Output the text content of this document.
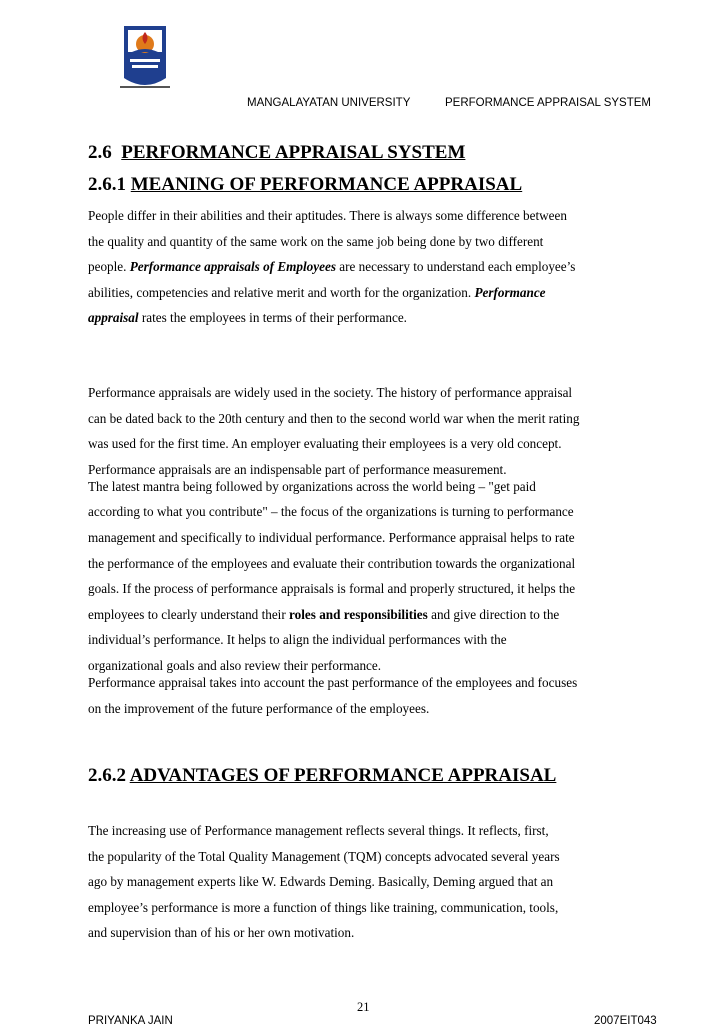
MANGALAYATAN UNIVERSITY	PERFORMANCE APPRAISAL SYSTEM
2.6 PERFORMANCE APPRAISAL SYSTEM
2.6.1 MEANING OF PERFORMANCE APPRAISAL
People differ in their abilities and their aptitudes. There is always some difference between
the quality and quantity of the same work on the same job being done by two different
people. Performance appraisals of Employees are necessary to understand each employee’s
abilities, competencies and relative merit and worth for the organization. Performance
appraisal rates the employees in terms of their performance.
Performance appraisals are widely used in the society. The history of performance appraisal
can be dated back to the 20th century and then to the second world war when the merit rating
was used for the first time. An employer evaluating their employees is a very old concept.
Performance appraisals are an indispensable part of performance measurement.
The latest mantra being followed by organizations across the world being – "get paid
according to what you contribute" – the focus of the organizations is turning to performance
management and specifically to individual performance. Performance appraisal helps to rate
the performance of the employees and evaluate their contribution towards the organizational
goals. If the process of performance appraisals is formal and properly structured, it helps the
employees to clearly understand their roles and responsibilities and give direction to the
individual’s performance. It helps to align the individual performances with the
organizational goals and also review their performance.
Performance appraisal takes into account the past performance of the employees and focuses
on the improvement of the future performance of the employees.
2.6.2 ADVANTAGES OF PERFORMANCE APPRAISAL
The increasing use of Performance management reflects several things. It reflects, first,
the popularity of the Total Quality Management (TQM) concepts advocated several years
ago by management experts like W. Edwards Deming. Basically, Deming argued that an
employee’s performance is more a function of things like training, communication, tools,
and supervision than of his or her own motivation.
21
PRIYANKA JAIN	2007EIT043
